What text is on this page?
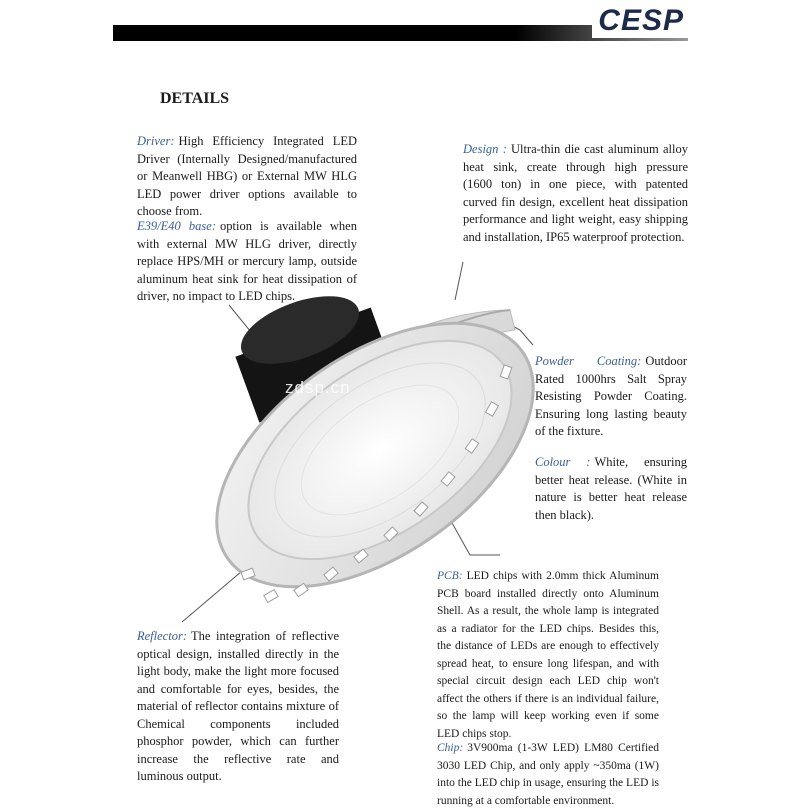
CESP
DETAILS
zdsp.cn
Driver: High Efficiency Integrated LED Driver (Internally Designed/manufactured or Meanwell HBG) or External MW HLG LED power driver options available to choose from.
E39/E40 base: option is available when with external MW HLG driver, directly replace HPS/MH or mercury lamp, outside aluminum heat sink for heat dissipation of driver, no impact to LED chips.
Design : Ultra-thin die cast aluminum alloy heat sink, create through high pressure (1600 ton) in one piece, with patented curved fin design, excellent heat dissipation performance and light weight, easy shipping and installation, IP65 waterproof protection.
Powder Coating: Outdoor Rated 1000hrs Salt Spray Resisting Powder Coating. Ensuring long lasting beauty of the fixture.
Colour : White, ensuring better heat release. (White in nature is better heat release then black).
PCB: LED chips with 2.0mm thick Aluminum PCB board installed directly onto Aluminum Shell. As a result, the whole lamp is integrated as a radiator for the LED chips. Besides this, the distance of LEDs are enough to effectively spread heat, to ensure long lifespan, and with special circuit design each LED chip won't affect the others if there is an individual failure, so the lamp will keep working even if some LED chips stop.
Reflector: The integration of reflective optical design, installed directly in the light body, make the light more focused and comfortable for eyes, besides, the material of reflector contains mixture of Chemical components included phosphor powder, which can further increase the reflective rate and luminous output.
Chip: 3V900ma (1-3W LED) LM80 Certified 3030 LED Chip, and only apply ~350ma (1W) into the LED chip in usage, ensuring the LED is running at a comfortable environment.
